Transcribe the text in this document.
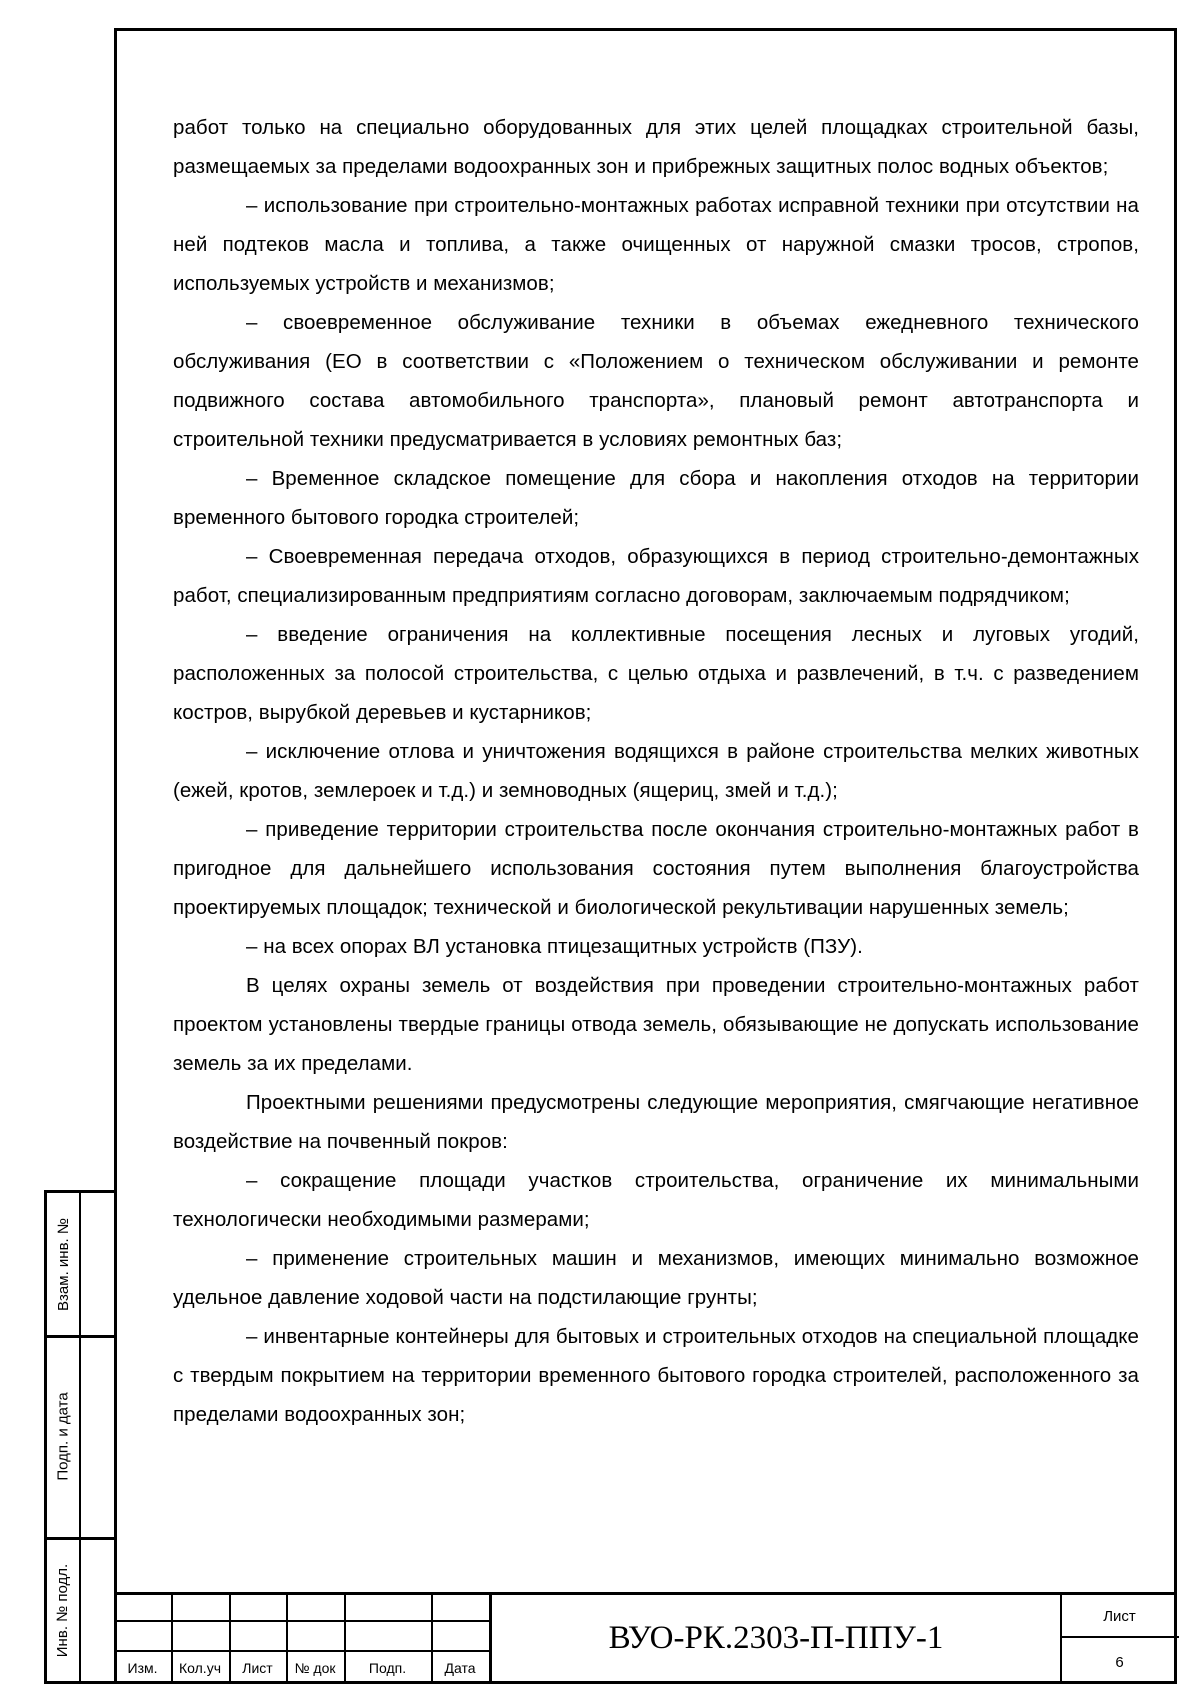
работ только на специально оборудованных для этих целей площадках строительной базы, размещаемых за пределами водоохранных зон и прибрежных защитных полос водных объектов;

– использование при строительно-монтажных работах исправной техники при отсутствии на ней подтеков масла и топлива, а также очищенных от наружной смазки тросов, стропов, используемых устройств и механизмов;

– своевременное обслуживание техники в объемах ежедневного технического обслуживания (ЕО в соответствии с «Положением о техническом обслуживании и ремонте подвижного состава автомобильного транспорта», плановый ремонт автотранспорта и строительной техники предусматривается в условиях ремонтных баз;

– Временное складское помещение для сбора и накопления отходов на территории временного бытового городка строителей;

– Своевременная передача отходов, образующихся в период строительно-демонтажных работ, специализированным предприятиям согласно договорам, заключаемым подрядчиком;

– введение ограничения на коллективные посещения лесных и луговых угодий, расположенных за полосой строительства, с целью отдыха и развлечений, в т.ч. с разведением костров, вырубкой деревьев и кустарников;

– исключение отлова и уничтожения водящихся в районе строительства мелких животных (ежей, кротов, землероек и т.д.) и земноводных (ящериц, змей и т.д.);

– приведение территории строительства после окончания строительно-монтажных работ в пригодное для дальнейшего использования состояния путем выполнения благоустройства проектируемых площадок; технической и биологической рекультивации нарушенных земель;

– на всех опорах ВЛ установка птицезащитных устройств (ПЗУ).

В целях охраны земель от воздействия при проведении строительно-монтажных работ проектом установлены твердые границы отвода земель, обязывающие не допускать использование земель за их пределами.

Проектными решениями предусмотрены следующие мероприятия, смягчающие негативное воздействие на почвенный покров:

– сокращение площади участков строительства, ограничение их минимальными технологически необходимыми размерами;

– применение строительных машин и механизмов, имеющих минимально возможное удельное давление ходовой части на подстилающие грунты;

– инвентарные контейнеры для бытовых и строительных отходов на специальной площадке с твердым покрытием на территории временного бытового городка строителей, расположенного за пределами водоохранных зон;

Взам. инв. №
Подп. и дата
Инв. № подл.
Изм.	Кол.уч	Лист	№ док	Подп.	Дата
ВУО-РК.2303-П-ППУ-1
Лист
6
